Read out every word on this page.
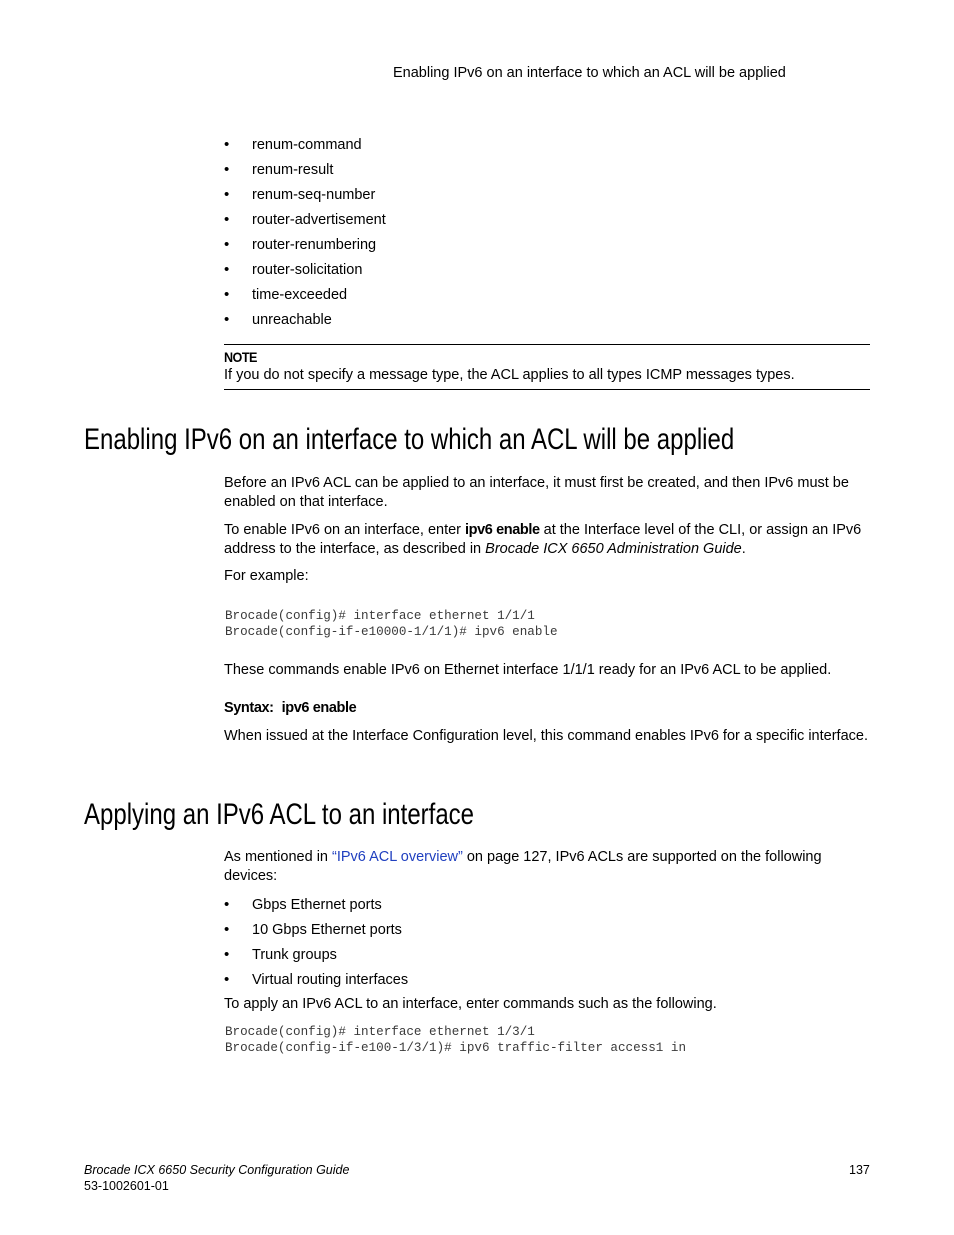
Enabling IPv6 on an interface to which an ACL will be applied
• renum-command
• renum-result
• renum-seq-number
• router-advertisement
• router-renumbering
• router-solicitation
• time-exceeded
• unreachable
NOTE
If you do not specify a message type, the ACL applies to all types ICMP messages types.
Enabling IPv6 on an interface to which an ACL will be applied

Before an IPv6 ACL can be applied to an interface, it must first be created, and then IPv6 must be enabled on that interface.

To enable IPv6 on an interface, enter ipv6 enable at the Interface level of the CLI, or assign an IPv6 address to the interface, as described in Brocade ICX 6650 Administration Guide.

For example:

Brocade(config)# interface ethernet 1/1/1
Brocade(config-if-e10000-1/1/1)# ipv6 enable

These commands enable IPv6 on Ethernet interface 1/1/1 ready for an IPv6 ACL to be applied.

Syntax: ipv6 enable

When issued at the Interface Configuration level, this command enables IPv6 for a specific interface.

Applying an IPv6 ACL to an interface

As mentioned in “IPv6 ACL overview” on page 127, IPv6 ACLs are supported on the following devices:

• Gbps Ethernet ports
• 10 Gbps Ethernet ports
• Trunk groups
• Virtual routing interfaces

To apply an IPv6 ACL to an interface, enter commands such as the following.

Brocade(config)# interface ethernet 1/3/1
Brocade(config-if-e100-1/3/1)# ipv6 traffic-filter access1 in
Brocade ICX 6650 Security Configuration Guide
53-1002601-01
137
